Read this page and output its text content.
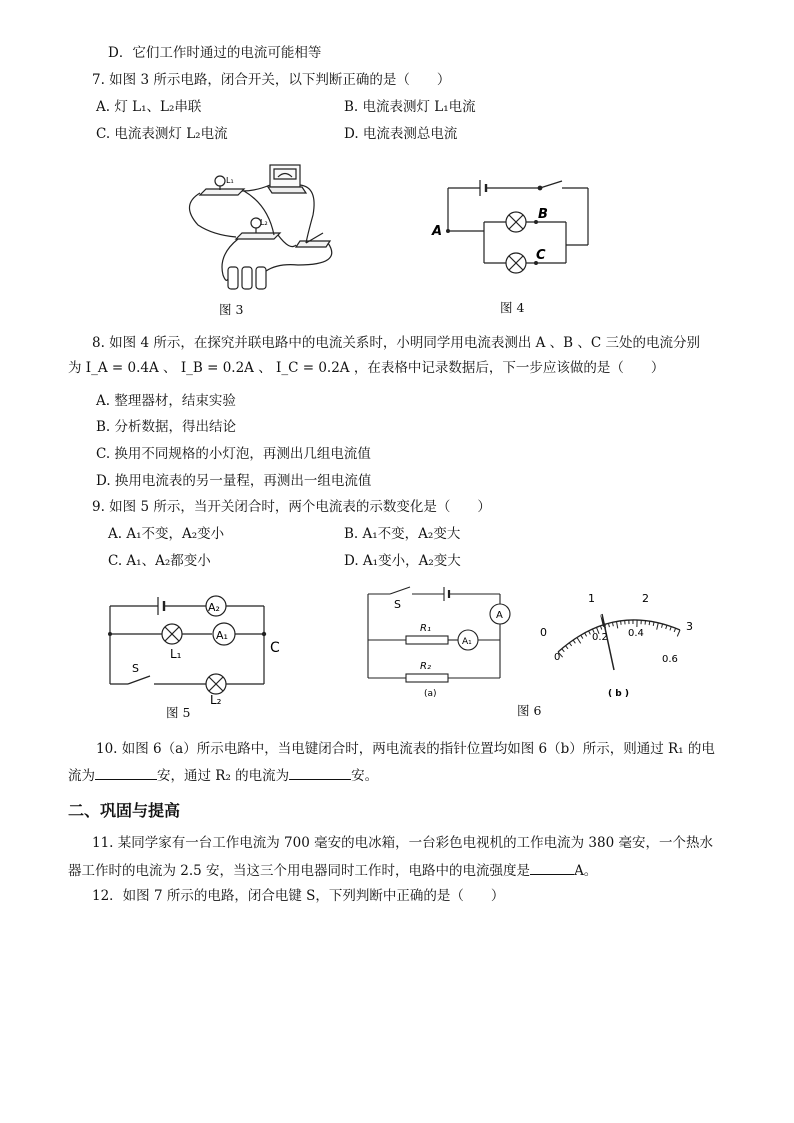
D．它们工作时通过的电流可能相等
7. 如图 3 所示电路，闭合开关，以下判断正确的是（　　）
A. 灯 L₁、L₂串联	B. 电流表测灯 L₁电流
C. 电流表测灯 L₂电流	D. 电流表测总电流
L₁
L₂
图 3
A
B
C
图 4
8. 如图 4 所示，在探究并联电路中的电流关系时，小明同学用电流表测出 A 、B 、C 三处的电流分别
为 I_A = 0.4A 、 I_B = 0.2A 、 I_C = 0.2A ，在表格中记录数据后，下一步应该做的是（　　）
A. 整理器材，结束实验
B. 分析数据，得出结论
C. 换用不同规格的小灯泡，再测出几组电流值
D. 换用电流表的另一量程，再测出一组电流值
9. 如图 5 所示，当开关闭合时，两个电流表的示数变化是（　　）
A. A₁不变，A₂变小	B. A₁不变，A₂变大
C. A₁、A₂都变小	D. A₁变小，A₂变大
A₂
A₁
L₁	C
S
L₂
图 5
S
A
A₁
R₁
R₂
(a)
0
1	2
3
0
0.2 0.4
0.6
( b )
图 6
10. 如图 6（a）所示电路中，当电键闭合时，两电流表的指针位置均如图 6（b）所示，则通过 R₁ 的电
流为	安，通过 R₂ 的电流为	安。
二、巩固与提高
11. 某同学家有一台工作电流为 700 毫安的电冰箱，一台彩色电视机的工作电流为 380 毫安，一个热水
器工作时的电流为 2.5 安，当这三个用电器同时工作时，电路中的电流强度是	A。
12．如图 7 所示的电路，闭合电键 S，下列判断中正确的是（　　）
